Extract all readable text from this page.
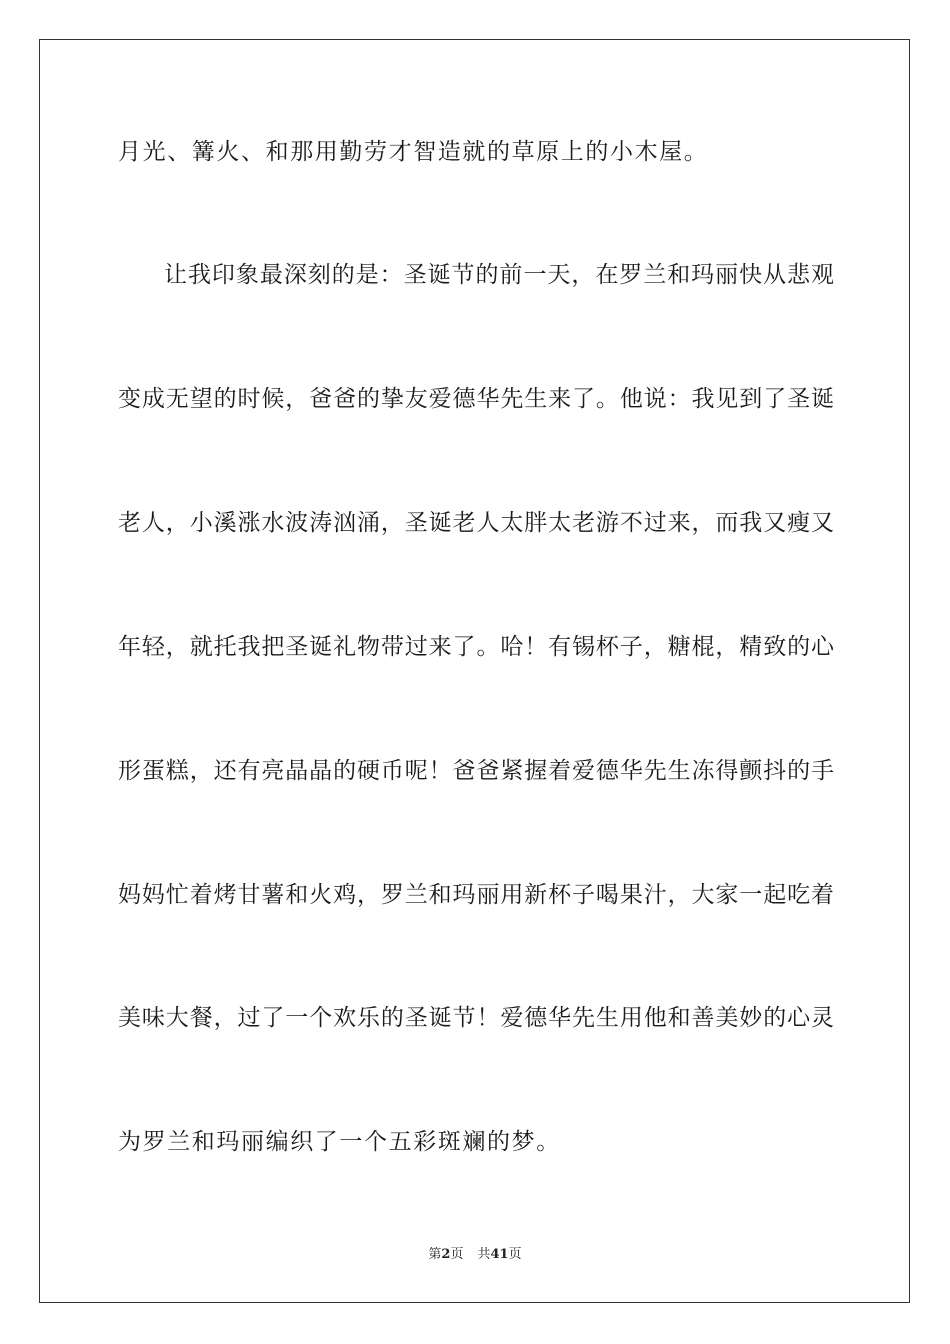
月光、篝火、和那用勤劳才智造就的草原上的小木屋。
让我印象最深刻的是：圣诞节的前一天，在罗兰和玛丽快从悲观
变成无望的时候，爸爸的挚友爱德华先生来了。他说：我见到了圣诞
老人，小溪涨水波涛汹涌，圣诞老人太胖太老游不过来，而我又瘦又
年轻，就托我把圣诞礼物带过来了。哈！有锡杯子，糖棍，精致的心
形蛋糕，还有亮晶晶的硬币呢！爸爸紧握着爱德华先生冻得颤抖的手
妈妈忙着烤甘薯和火鸡，罗兰和玛丽用新杯子喝果汁，大家一起吃着
美味大餐，过了一个欢乐的圣诞节！爱德华先生用他和善美妙的心灵
为罗兰和玛丽编织了一个五彩斑斓的梦。
第2页 共41页
